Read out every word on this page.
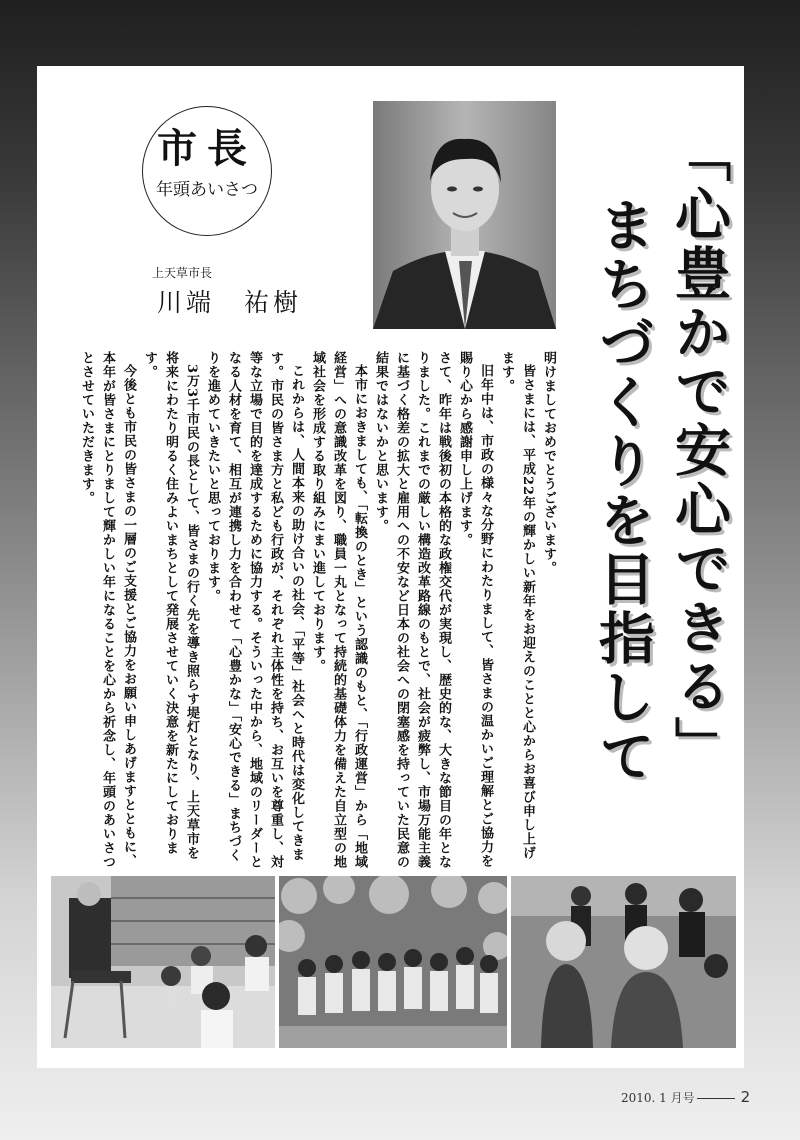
市長
年頭あいさつ
上天草市長
川端　祐樹	「心豊かで安心できる」
まちづくりを目指して

明けましておめでとうございます。

皆さまには、平成22年の輝かしい新年をお迎えのことと心からお喜び申し上げます。

旧年中は、市政の様々な分野にわたりまして、皆さまの温かいご理解とご協力を賜り心から感謝申し上げます。

さて、昨年は戦後初の本格的な政権交代が実現し、歴史的な、大きな節目の年となりました。これまでの厳しい構造改革路線のもとで、社会が疲弊し、市場万能主義に基づく格差の拡大と雇用への不安など日本の社会への閉塞感を持っていた民意の結果ではないかと思います。

本市におきましても、「転換のとき」という認識のもと、「行政運営」から「地域経営」への意識改革を図り、職員一丸となって持続的基礎体力を備えた自立型の地域社会を形成する取り組みにまい進しております。

これからは、人間本来の助け合いの社会、「平等」社会へと時代は変化してきます。市民の皆さま方と私ども行政が、それぞれ主体性を持ち、お互いを尊重し、対等な立場で目的を達成するために協力する。そういった中から、地域のリーダーとなる人材を育て、相互が連携し力を合わせて「心豊かな」「安心できる」まちづくりを進めていきたいと思っております。

3万3千市民の長として、皆さまの行く先を導き照らす堤灯となり、上天草市を将来にわたり明るく住みよいまちとして発展させていく決意を新たにしております。

今後とも市民の皆さまの一層のご支援とご協力をお願い申しあげますとともに、本年が皆さまにとりまして輝かしい年になることを心から祈念し、年頭のあいさつとさせていただきます。

2010. 1 月号	2
